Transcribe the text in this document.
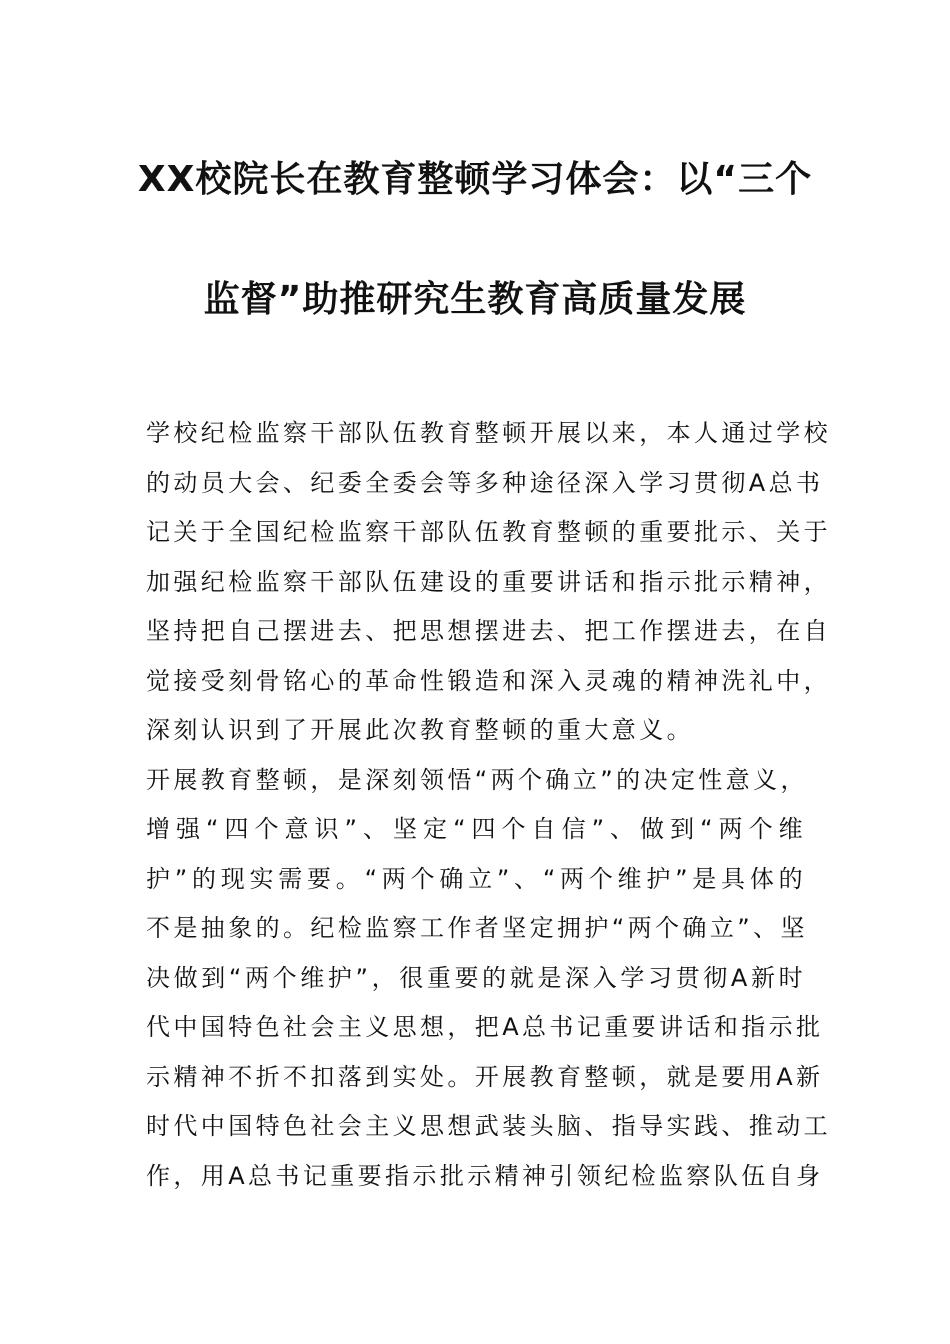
XX校院长在教育整顿学习体会：以“三个
监督”助推研究生教育高质量发展
学校纪检监察干部队伍教育整顿开展以来，本人通过学校
的动员大会、纪委全委会等多种途径深入学习贯彻A总书
记关于全国纪检监察干部队伍教育整顿的重要批示、关于
加强纪检监察干部队伍建设的重要讲话和指示批示精神，
坚持把自己摆进去、把思想摆进去、把工作摆进去，在自
觉接受刻骨铭心的革命性锻造和深入灵魂的精神洗礼中，
深刻认识到了开展此次教育整顿的重大意义。
开展教育整顿，是深刻领悟“两个确立”的决定性意义，
增强“四个意识”、坚定“四个自信”、做到“两个维
护”的现实需要。“两个确立”、“两个维护”是具体的
不是抽象的。纪检监察工作者坚定拥护“两个确立”、坚
决做到“两个维护”，很重要的就是深入学习贯彻A新时
代中国特色社会主义思想，把A总书记重要讲话和指示批
示精神不折不扣落到实处。开展教育整顿，就是要用A新
时代中国特色社会主义思想武装头脑、指导实践、推动工
作，用A总书记重要指示批示精神引领纪检监察队伍自身
